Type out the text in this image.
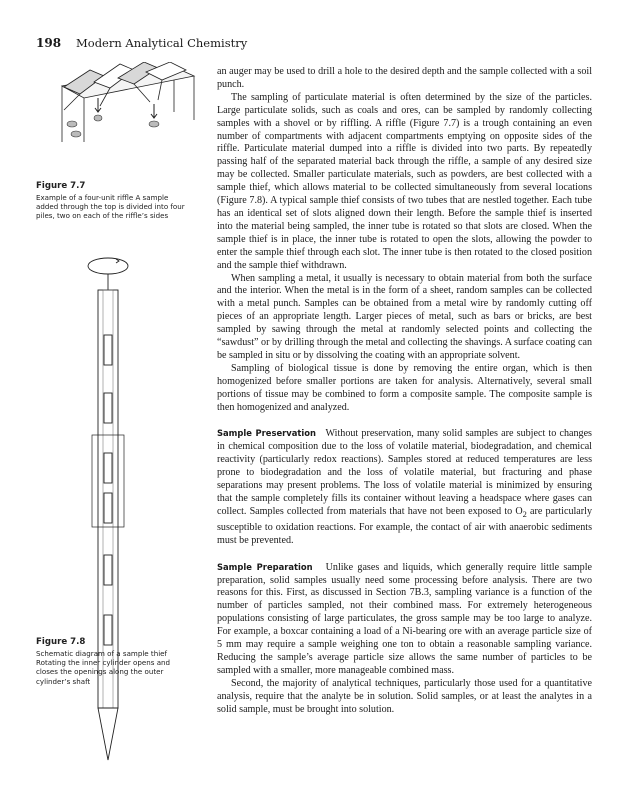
198 Modern Analytical Chemistry
Figure 7.7
Example of a four-unit riffle A sample added through the top is divided into four piles, two on each of the riffle’s sides
Figure 7.8
Schematic diagram of a sample thief Rotating the inner cylinder opens and closes the openings along the outer cylinder’s shaft

an auger may be used to drill a hole to the desired depth and the sample collected with a soil punch.

The sampling of particulate material is often determined by the size of the particles. Large particulate solids, such as coals and ores, can be sampled by randomly collecting samples with a shovel or by riffling. A riffle (Figure 7.7) is a trough containing an even number of compartments with adjacent compartments emptying on opposite sides of the riffle. Particulate material dumped into a riffle is divided into two parts. By repeatedly passing half of the separated material back through the riffle, a sample of any desired size may be collected. Smaller particulate materials, such as powders, are best collected with a sample thief, which allows material to be collected simultaneously from several locations (Figure 7.8). A typical sample thief consists of two tubes that are nestled together. Each tube has an identical set of slots aligned down their length. Before the sample thief is inserted into the material being sampled, the inner tube is rotated so that slots are closed. When the sample thief is in place, the inner tube is rotated to open the slots, allowing the powder to enter the sample thief through each slot. The inner tube is then rotated to the closed position and the sample thief withdrawn.

When sampling a metal, it usually is necessary to obtain material from both the surface and the interior. When the metal is in the form of a sheet, random samples can be collected with a metal punch. Samples can be obtained from a metal wire by randomly cutting off pieces of an appropriate length. Larger pieces of metal, such as bars or bricks, are best sampled by sawing through the metal at randomly selected points and collecting the “sawdust” or by drilling through the metal and collecting the shavings. A surface coating can be sampled in situ or by dissolving the coating with an appropriate solvent.

Sampling of biological tissue is done by removing the entire organ, which is then homogenized before smaller portions are taken for analysis. Alternatively, several small portions of tissue may be combined to form a composite sample. The composite sample is then homogenized and analyzed.

Sample Preservation Without preservation, many solid samples are subject to changes in chemical composition due to the loss of volatile material, biodegradation, and chemical reactivity (particularly redox reactions). Samples stored at reduced temperatures are less prone to biodegradation and the loss of volatile material, but fracturing and phase separations may present problems. The loss of volatile material is minimized by ensuring that the sample completely fills its container without leaving a headspace where gases can collect. Samples collected from materials that have not been exposed to $O_2$ are particularly susceptible to oxidation reactions. For example, the contact of air with anaerobic sediments must be prevented.

Sample Preparation Unlike gases and liquids, which generally require little sample preparation, solid samples usually need some processing before analysis. There are two reasons for this. First, as discussed in Section 7B.3, sampling variance is a function of the number of particles sampled, not their combined mass. For extremely heterogeneous populations consisting of large particulates, the gross sample may be too large to analyze. For example, a boxcar containing a load of a Ni-bearing ore with an average particle size of 5 mm may require a sample weighing one ton to obtain a reasonable sampling variance. Reducing the sample’s average particle size allows the same number of particles to be sampled with a smaller, more manageable combined mass.

Second, the majority of analytical techniques, particularly those used for a quantitative analysis, require that the analyte be in solution. Solid samples, or at least the analytes in a solid sample, must be brought into solution.
